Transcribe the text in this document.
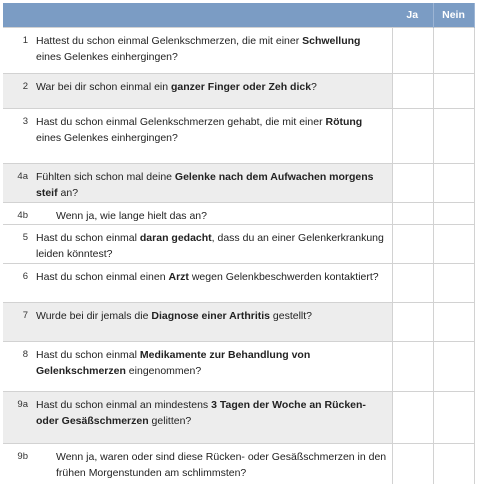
		Ja	Nein
1	Hattest du schon einmal Gelenkschmerzen, die mit einer Schwellung eines Gelenkes einhergingen?		
2	War bei dir schon einmal ein ganzer Finger oder Zeh dick?		
3	Hast du schon einmal Gelenkschmerzen gehabt, die mit einer Rötung eines Gelenkes einhergingen?		
4a	Fühlten sich schon mal deine Gelenke nach dem Aufwachen morgens steif an?		
4b	Wenn ja, wie lange hielt das an?		
5	Hast du schon einmal daran gedacht, dass du an einer Gelenkerkrankung leiden könntest?		
6	Hast du schon einmal einen Arzt wegen Gelenkbeschwerden kontaktiert?		
7	Wurde bei dir jemals die Diagnose einer Arthritis gestellt?		
8	Hast du schon einmal Medikamente zur Behandlung von Gelenkschmerzen eingenommen?		
9a	Hast du schon einmal an mindestens 3 Tagen der Woche an Rücken- oder Gesäßschmerzen gelitten?		
9b	Wenn ja, waren oder sind diese Rücken- oder Gesäßschmerzen in den frühen Morgenstunden am schlimmsten?		
